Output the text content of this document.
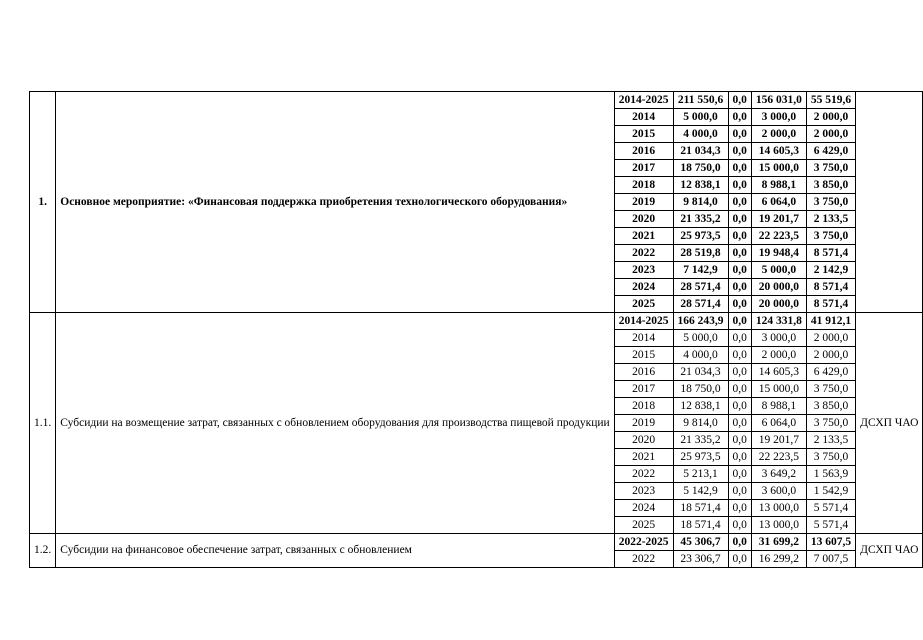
1.	Основное мероприятие: «Финансовая поддержка приобретения технологического оборудования»	2014-2025	211 550,6	0,0	156 031,0	55 519,6	
		2014	5 000,0	0,0	3 000,0	2 000,0	
		2015	4 000,0	0,0	2 000,0	2 000,0	
		2016	21 034,3	0,0	14 605,3	6 429,0	
		2017	18 750,0	0,0	15 000,0	3 750,0	
		2018	12 838,1	0,0	8 988,1	3 850,0	
		2019	9 814,0	0,0	6 064,0	3 750,0	
		2020	21 335,2	0,0	19 201,7	2 133,5	
		2021	25 973,5	0,0	22 223,5	3 750,0	
		2022	28 519,8	0,0	19 948,4	8 571,4	
		2023	7 142,9	0,0	5 000,0	2 142,9	
		2024	28 571,4	0,0	20 000,0	8 571,4	
		2025	28 571,4	0,0	20 000,0	8 571,4	
1.1.	Субсидии на возмещение затрат, связанных с обновлением оборудования для производства пищевой продукции	2014-2025	166 243,9	0,0	124 331,8	41 912,1	ДСХП ЧАО
		2014	5 000,0	0,0	3 000,0	2 000,0	
		2015	4 000,0	0,0	2 000,0	2 000,0	
		2016	21 034,3	0,0	14 605,3	6 429,0	
		2017	18 750,0	0,0	15 000,0	3 750,0	
		2018	12 838,1	0,0	8 988,1	3 850,0	
		2019	9 814,0	0,0	6 064,0	3 750,0	
		2020	21 335,2	0,0	19 201,7	2 133,5	
		2021	25 973,5	0,0	22 223,5	3 750,0	
		2022	5 213,1	0,0	3 649,2	1 563,9	
		2023	5 142,9	0,0	3 600,0	1 542,9	
		2024	18 571,4	0,0	13 000,0	5 571,4	
		2025	18 571,4	0,0	13 000,0	5 571,4	
1.2.	Субсидии на финансовое обеспечение затрат, связанных с обновлением	2022-2025	45 306,7	0,0	31 699,2	13 607,5	ДСХП ЧАО
		2022	23 306,7	0,0	16 299,2	7 007,5	
